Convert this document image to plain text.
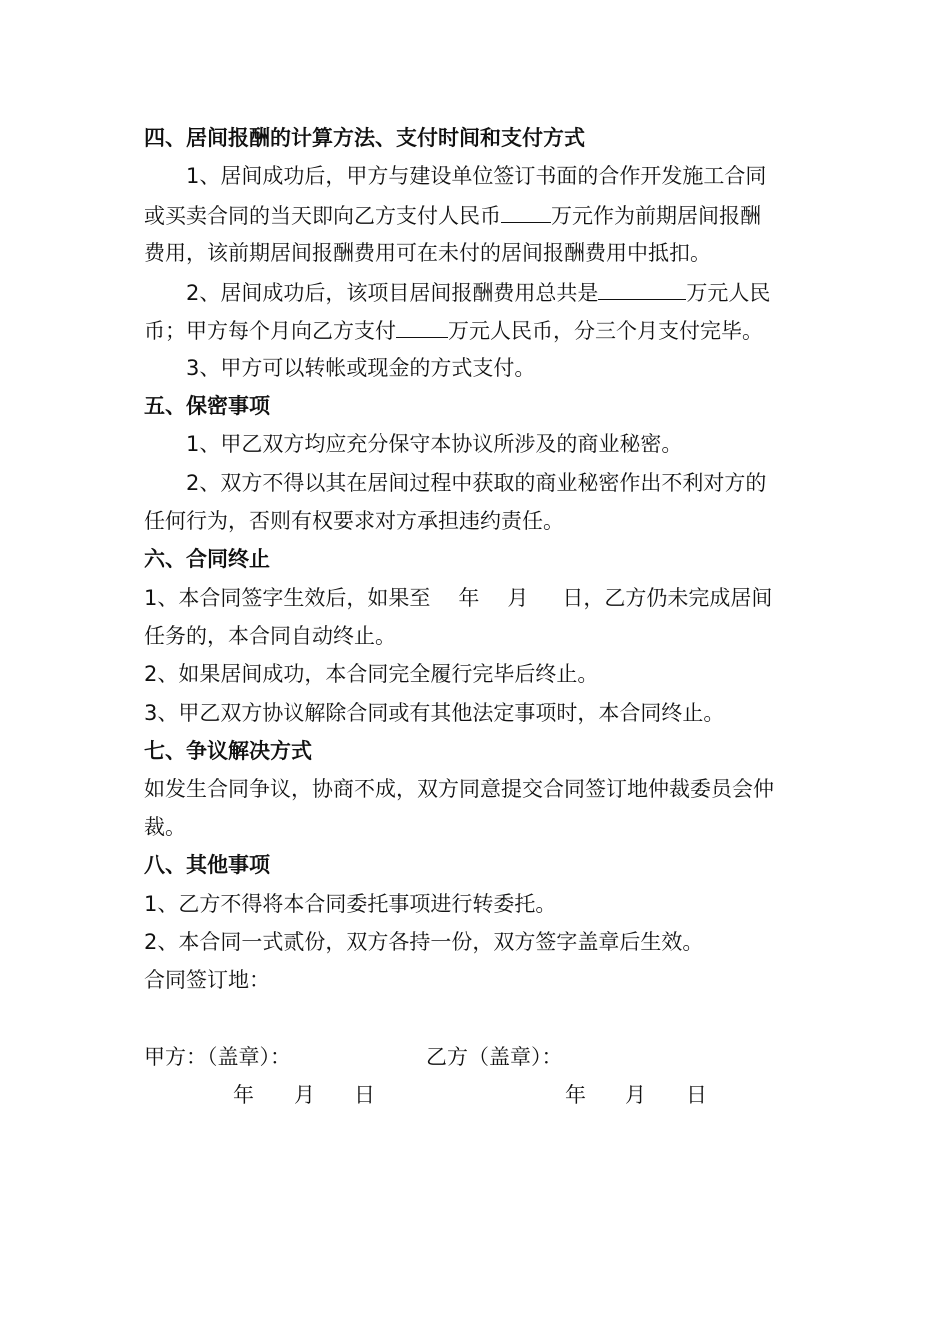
四、居间报酬的计算方法、支付时间和支付方式
1、居间成功后，甲方与建设单位签订书面的合作开发施工合同
或买卖合同的当天即向乙方支付人民币 万元作为前期居间报酬
费用，该前期居间报酬费用可在未付的居间报酬费用中抵扣。
2、居间成功后，该项目居间报酬费用总共是	万元人民
币；甲方每个月向乙方支付 万元人民币，分三个月支付完毕。
3、甲方可以转帐或现金的方式支付。
五、保密事项
1、甲乙双方均应充分保守本协议所涉及的商业秘密。
2、双方不得以其在居间过程中获取的商业秘密作出不利对方的
任何行为，否则有权要求对方承担违约责任。
六、合同终止
1、本合同签字生效后，如果至 年 月 日，乙方仍未完成居间
任务的，本合同自动终止。
2、如果居间成功，本合同完全履行完毕后终止。
3、甲乙双方协议解除合同或有其他法定事项时，本合同终止。
七、争议解决方式
如发生合同争议，协商不成，双方同意提交合同签订地仲裁委员会仲
裁。
八、其他事项
1、乙方不得将本合同委托事项进行转委托。
2、本合同一式贰份，双方各持一份，双方签字盖章后生效。
合同签订地：
甲方：（盖章）：	乙方（盖章）：
年 月 日	年 月 日
